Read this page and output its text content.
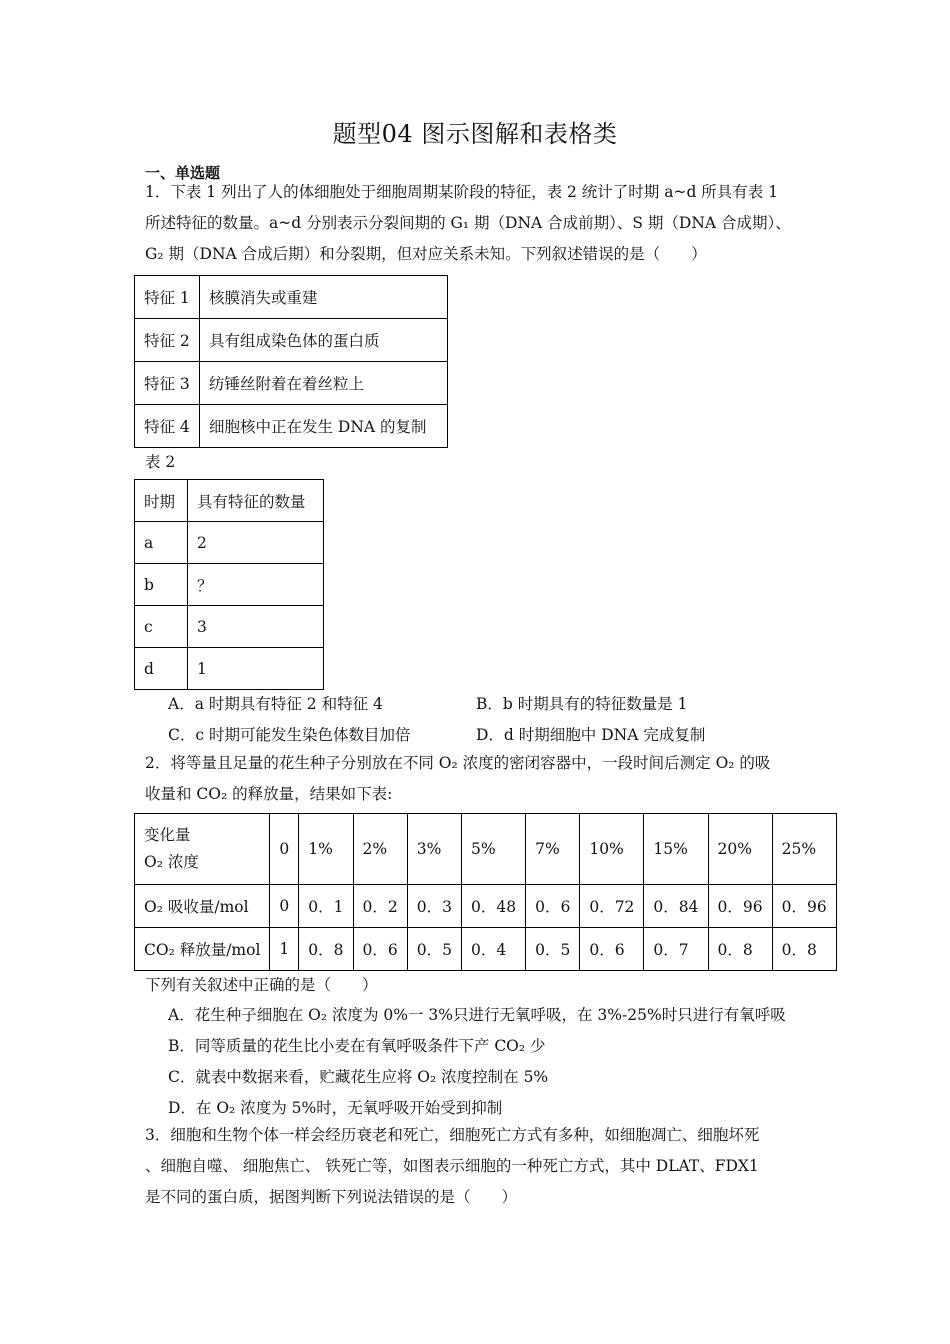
题型04 图示图解和表格类
一、单选题
1．下表 1 列出了人的体细胞处于细胞周期某阶段的特征，表 2 统计了时期 a~d 所具有表 1
所述特征的数量。a~d 分别表示分裂间期的 G₁ 期（DNA 合成前期）、S 期（DNA 合成期）、
G₂ 期（DNA 合成后期）和分裂期，但对应关系未知。下列叙述错误的是（　　）
特征 1	核膜消失或重建
特征 2	具有组成染色体的蛋白质
特征 3	纺锤丝附着在着丝粒上
特征 4	细胞核中正在发生 DNA 的复制
表 2
时期	具有特征的数量
a	2
b	？
c	3
d	1
A．a 时期具有特征 2 和特征 4	B．b 时期具有的特征数量是 1
C．c 时期可能发生染色体数目加倍	D．d 时期细胞中 DNA 完成复制
2．将等量且足量的花生种子分别放在不同 O₂ 浓度的密闭容器中，一段时间后测定 O₂ 的吸
收量和 CO₂ 的释放量，结果如下表:
变化量
O₂ 浓度	0	1%	2%	3%	5%	7%	10%	15%	20%	25%
O₂ 吸收量/mol	0	0．1	0．2	0．3	0．48	0．6	0．72	0．84	0．96	0．96
CO₂ 释放量/mol	1	0．8	0．6	0．5	0．4	0．5	0．6	0．7	0．8	0．8
下列有关叙述中正确的是（　　）
A．花生种子细胞在 O₂ 浓度为 0%一 3%只进行无氧呼吸，在 3%-25%时只进行有氧呼吸
B．同等质量的花生比小麦在有氧呼吸条件下产 CO₂ 少
C．就表中数据来看，贮藏花生应将 O₂ 浓度控制在 5%
D．在 O₂ 浓度为 5%时，无氧呼吸开始受到抑制
3．细胞和生物个体一样会经历衰老和死亡，细胞死亡方式有多种，如细胞凋亡、细胞坏死
、细胞自噬、 细胞焦亡、 铁死亡等，如图表示细胞的一种死亡方式，其中 DLAT、FDX1
是不同的蛋白质，据图判断下列说法错误的是（　　）
